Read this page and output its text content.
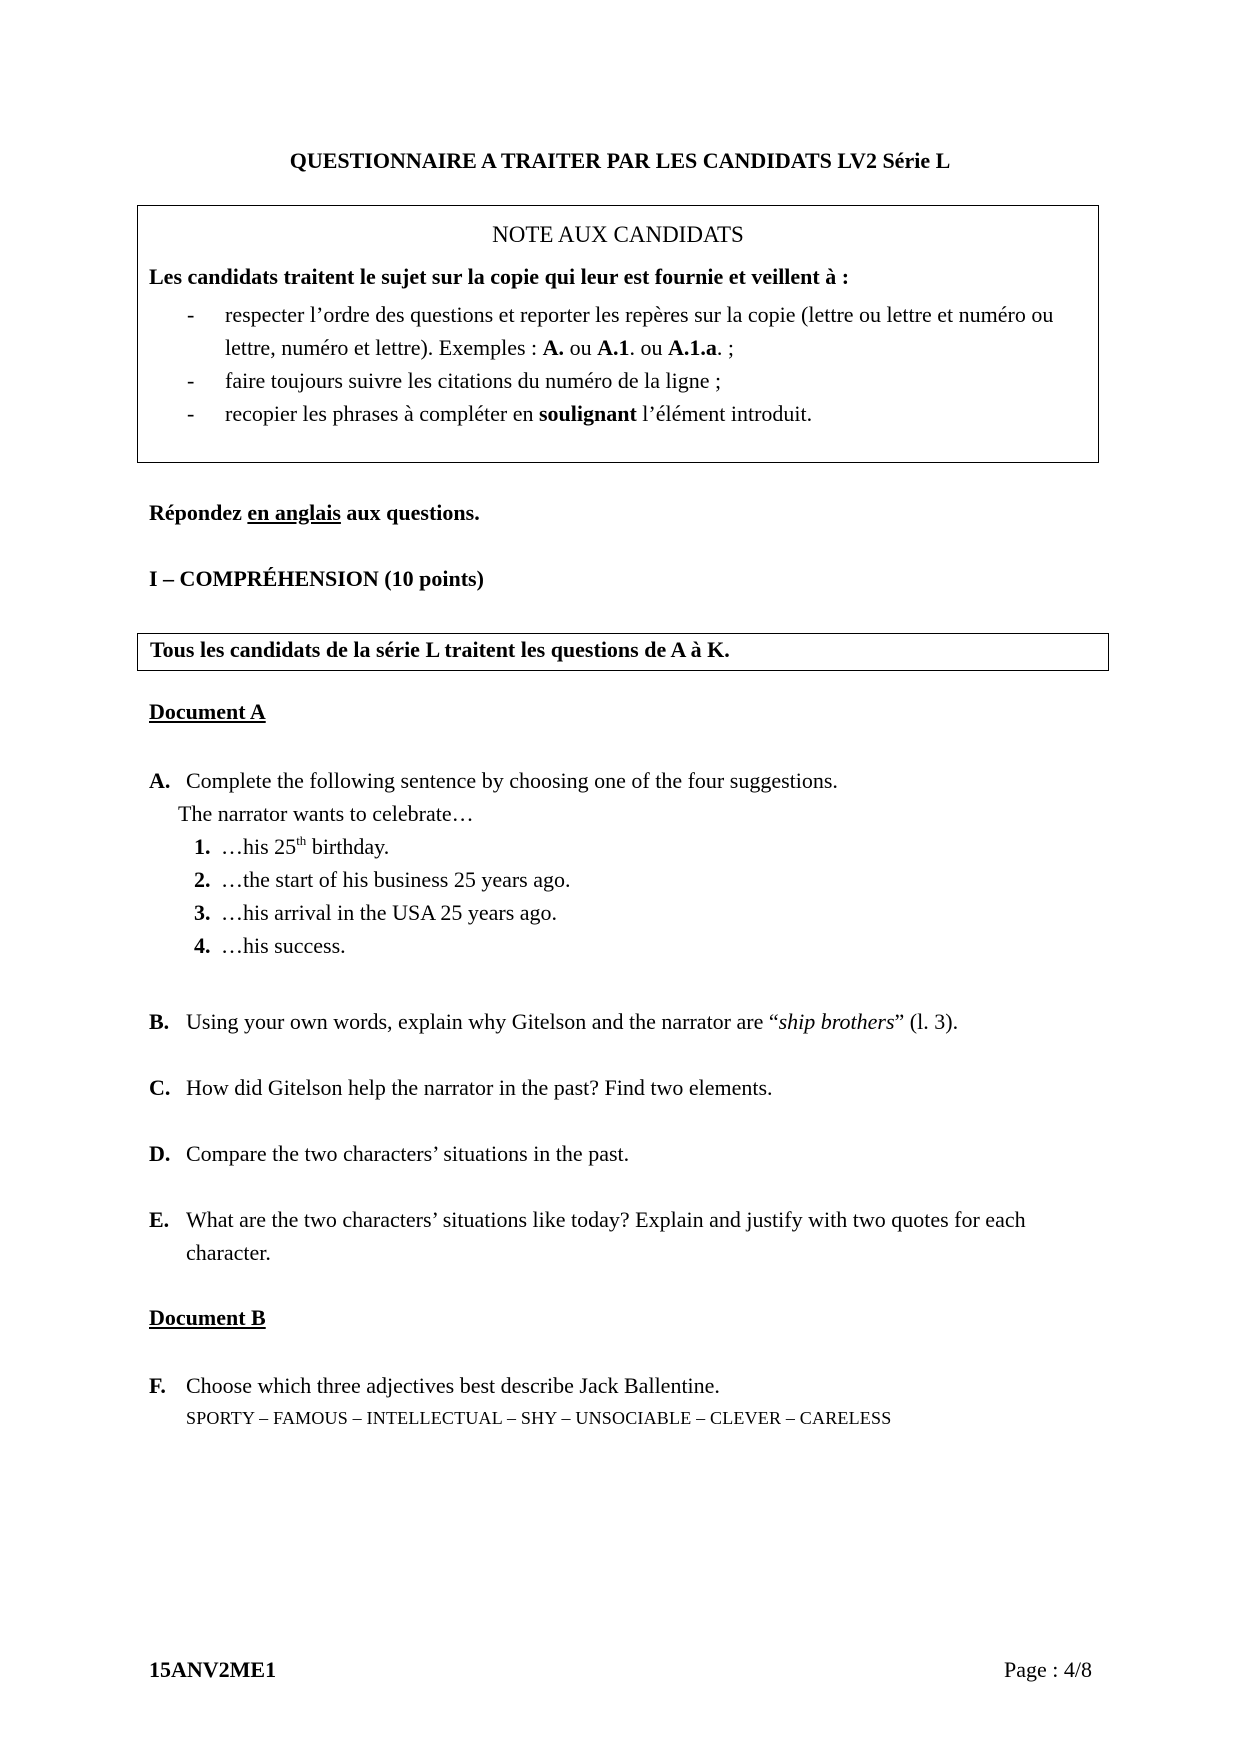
QUESTIONNAIRE A TRAITER PAR LES CANDIDATS LV2 Série L
NOTE AUX CANDIDATS
Les candidats traitent le sujet sur la copie qui leur est fournie et veillent à :
- respecter l’ordre des questions et reporter les repères sur la copie (lettre ou lettre et numéro ou lettre, numéro et lettre). Exemples : A. ou A.1. ou A.1.a. ;
- faire toujours suivre les citations du numéro de la ligne ;
- recopier les phrases à compléter en soulignant l’élément introduit.
Répondez en anglais aux questions.
I – COMPRÉHENSION (10 points)
Tous les candidats de la série L traitent les questions de A à K.
Document A
A. Complete the following sentence by choosing one of the four suggestions.
The narrator wants to celebrate…
1. …his 25th birthday.
2. …the start of his business 25 years ago.
3. …his arrival in the USA 25 years ago.
4. …his success.
B. Using your own words, explain why Gitelson and the narrator are “ship brothers” (l. 3).
C. How did Gitelson help the narrator in the past? Find two elements.
D. Compare the two characters’ situations in the past.
E. What are the two characters’ situations like today? Explain and justify with two quotes for each character.
Document B
F. Choose which three adjectives best describe Jack Ballentine.
SPORTY – FAMOUS – INTELLECTUAL – SHY – UNSOCIABLE – CLEVER – CARELESS
15ANV2ME1	Page : 4/8
